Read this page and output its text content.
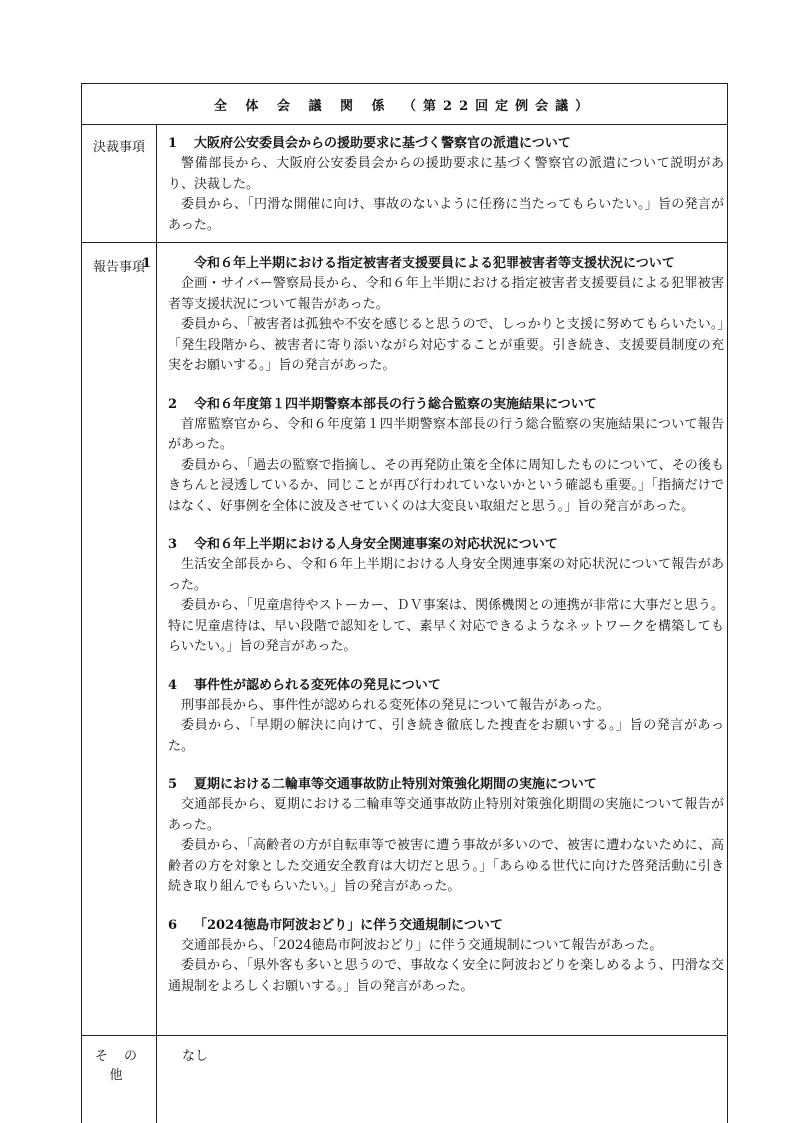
全 体 会 議 関 係 （第22回定例会議）
決裁事項	1 大阪府公安委員会からの援助要求に基づく警察官の派遣について

警備部長から、大阪府公安委員会からの援助要求に基づく警察官の派遣について説明があり、決裁した。

委員から、「円滑な開催に向け、事故のないように任務に当たってもらいたい。」旨の発言があった。

報告事項
1	令和６年上半期における指定被害者支援要員による犯罪被害者等支援状況について

企画・サイバー警察局長から、令和６年上半期における指定被害者支援要員による犯罪被害者等支援状況について報告があった。

委員から、「被害者は孤独や不安を感じると思うので、しっかりと支援に努めてもらいたい。」「発生段階から、被害者に寄り添いながら対応することが重要。引き続き、支援要員制度の充実をお願いする。」旨の発言があった。

2 令和６年度第１四半期警察本部長の行う総合監察の実施結果について

首席監察官から、令和６年度第１四半期警察本部長の行う総合監察の実施結果について報告があった。

委員から、「過去の監察で指摘し、その再発防止策を全体に周知したものについて、その後もきちんと浸透しているか、同じことが再び行われていないかという確認も重要。」「指摘だけではなく、好事例を全体に波及させていくのは大変良い取組だと思う。」旨の発言があった。

3 令和６年上半期における人身安全関連事案の対応状況について

生活安全部長から、令和６年上半期における人身安全関連事案の対応状況について報告があった。

委員から、「児童虐待やストーカー、ＤＶ事案は、関係機関との連携が非常に大事だと思う。特に児童虐待は、早い段階で認知をして、素早く対応できるようなネットワークを構築してもらいたい。」旨の発言があった。

4 事件性が認められる変死体の発見について

刑事部長から、事件性が認められる変死体の発見について報告があった。

委員から、「早期の解決に向けて、引き続き徹底した捜査をお願いする。」旨の発言があった。

5 夏期における二輪車等交通事故防止特別対策強化期間の実施について

交通部長から、夏期における二輪車等交通事故防止特別対策強化期間の実施について報告があった。

委員から、「高齢者の方が自転車等で被害に遭う事故が多いので、被害に遭わないために、高齢者の方を対象とした交通安全教育は大切だと思う。」「あらゆる世代に向けた啓発活動に引き続き取り組んでもらいたい。」旨の発言があった。

6 「2024徳島市阿波おどり」に伴う交通規制について

交通部長から、「2024徳島市阿波おどり」に伴う交通規制について報告があった。

委員から、「県外客も多いと思うので、事故なく安全に阿波おどりを楽しめるよう、円滑な交通規制をよろしくお願いする。」旨の発言があった。

そ の 他
なし
